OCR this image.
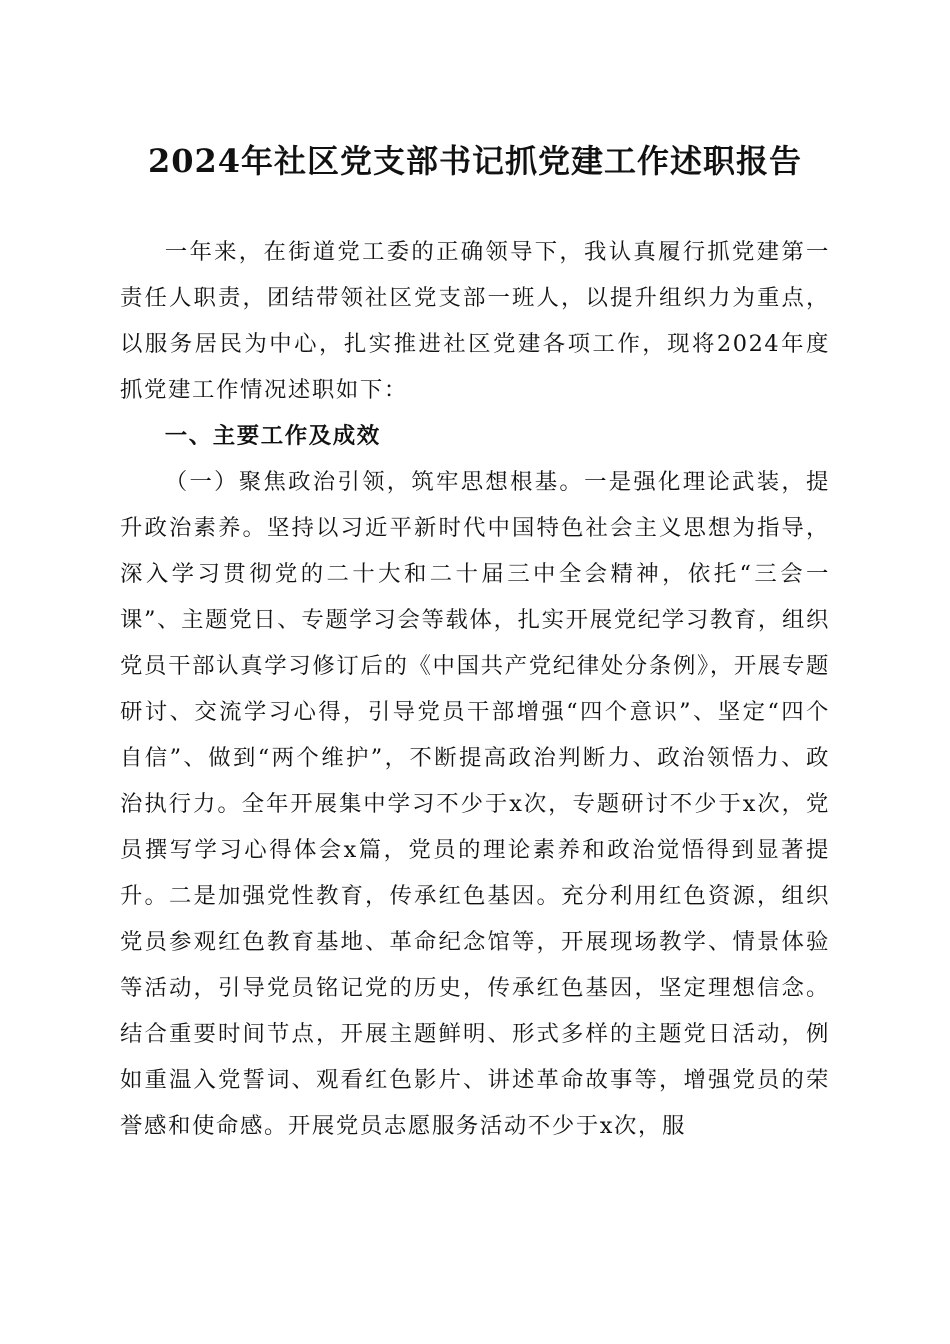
2024年社区党支部书记抓党建工作述职报告

一年来，在街道党工委的正确领导下，我认真履行抓党建第一责任人职责，团结带领社区党支部一班人，以提升组织力为重点，以服务居民为中心，扎实推进社区党建各项工作，现将2024年度抓党建工作情况述职如下：

一、主要工作及成效

（一）聚焦政治引领，筑牢思想根基。一是强化理论武装，提升政治素养。坚持以习近平新时代中国特色社会主义思想为指导，深入学习贯彻党的二十大和二十届三中全会精神，依托“三会一课”、主题党日、专题学习会等载体，扎实开展党纪学习教育，组织党员干部认真学习修订后的《中国共产党纪律处分条例》，开展专题研讨、交流学习心得，引导党员干部增强“四个意识”、坚定“四个自信”、做到“两个维护”，不断提高政治判断力、政治领悟力、政治执行力。全年开展集中学习不少于x次，专题研讨不少于x次，党员撰写学习心得体会x篇，党员的理论素养和政治觉悟得到显著提升。二是加强党性教育，传承红色基因。充分利用红色资源，组织党员参观红色教育基地、革命纪念馆等，开展现场教学、情景体验等活动，引导党员铭记党的历史，传承红色基因，坚定理想信念。结合重要时间节点，开展主题鲜明、形式多样的主题党日活动，例如重温入党誓词、观看红色影片、讲述革命故事等，增强党员的荣誉感和使命感。开展党员志愿服务活动不少于x次，服
